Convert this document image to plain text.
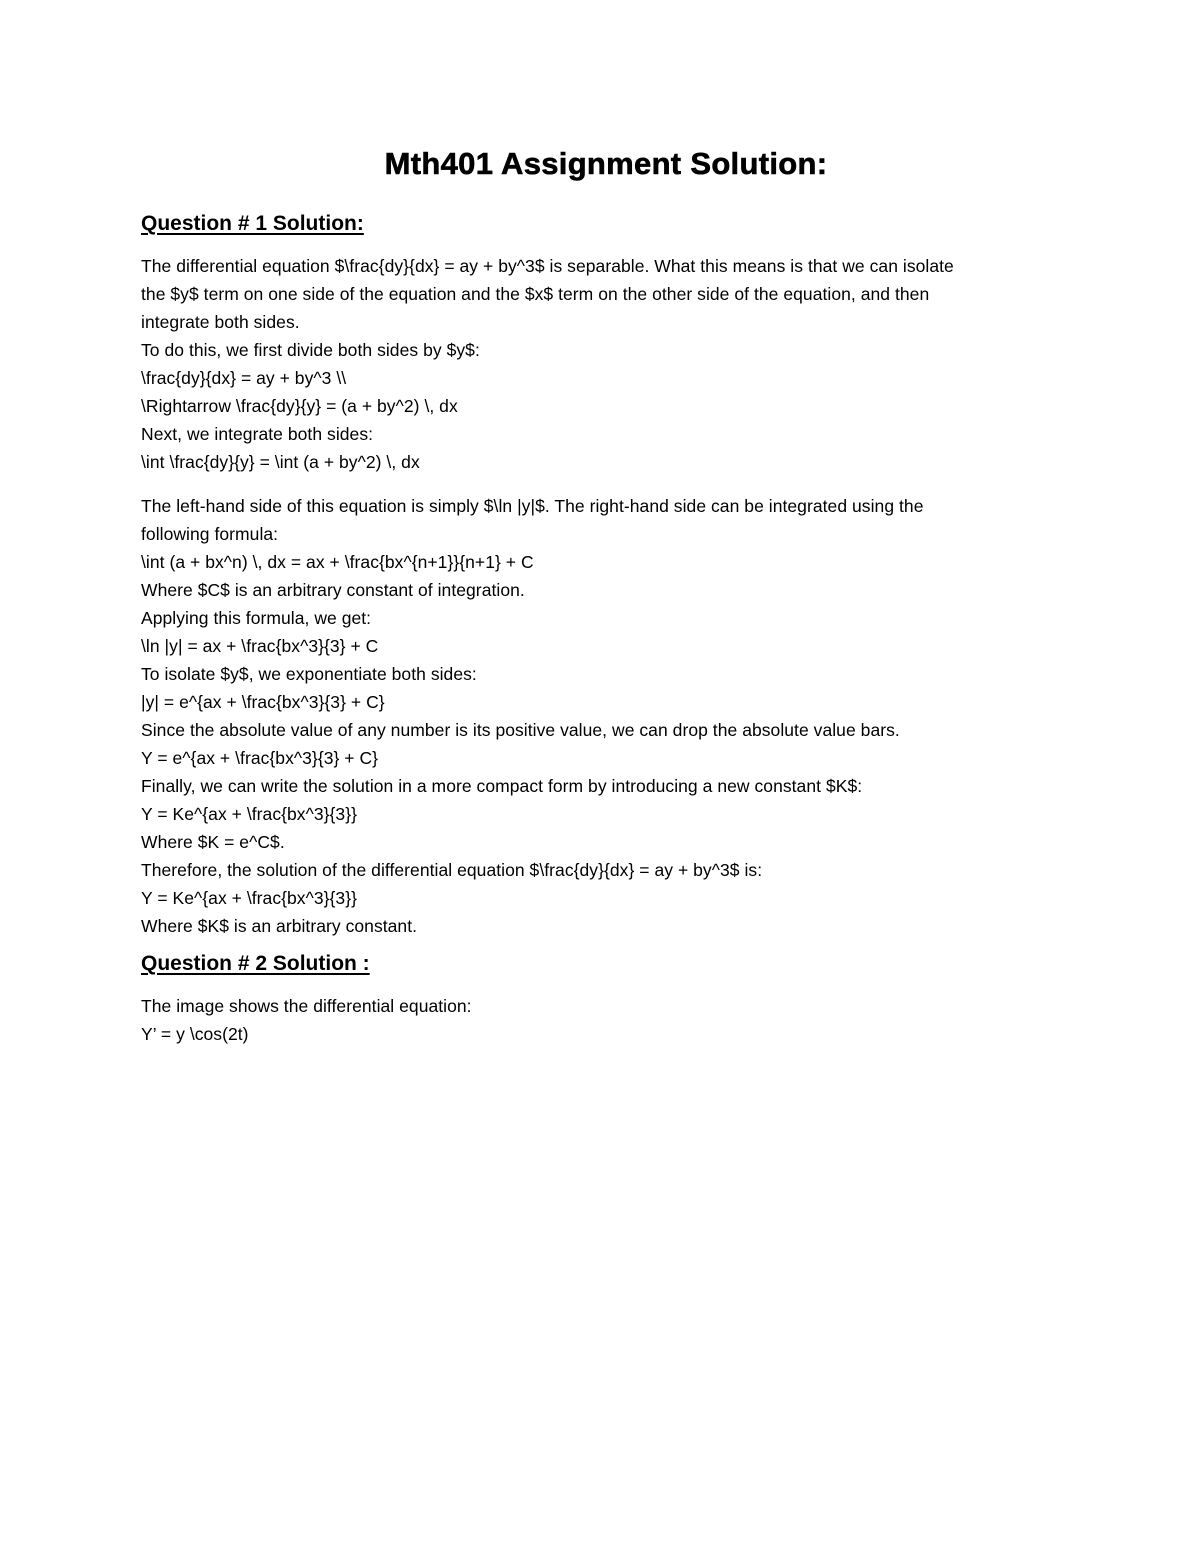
Mth401 Assignment Solution:
Question # 1 Solution:

The differential equation $\frac{dy}{dx} = ay + by^3$ is separable. What this means is that we can isolate

the $y$ term on one side of the equation and the $x$ term on the other side of the equation, and then

integrate both sides.

To do this, we first divide both sides by $y$:

\frac{dy}{dx} = ay + by^3 \\

\Rightarrow \frac{dy}{y} = (a + by^2) \, dx

Next, we integrate both sides:

\int \frac{dy}{y} = \int (a + by^2) \, dx

The left-hand side of this equation is simply $\ln |y|$. The right-hand side can be integrated using the

following formula:

\int (a + bx^n) \, dx = ax + \frac{bx^{n+1}}{n+1} + C

Where $C$ is an arbitrary constant of integration.

Applying this formula, we get:

\ln |y| = ax + \frac{bx^3}{3} + C

To isolate $y$, we exponentiate both sides:

|y| = e^{ax + \frac{bx^3}{3} + C}

Since the absolute value of any number is its positive value, we can drop the absolute value bars.

Y = e^{ax + \frac{bx^3}{3} + C}

Finally, we can write the solution in a more compact form by introducing a new constant $K$:

Y = Ke^{ax + \frac{bx^3}{3}}

Where $K = e^C$.

Therefore, the solution of the differential equation $\frac{dy}{dx} = ay + by^3$ is:

Y = Ke^{ax + \frac{bx^3}{3}}

Where $K$ is an arbitrary constant.

Question # 2 Solution :

The image shows the differential equation:

Y’ = y \cos(2t)
